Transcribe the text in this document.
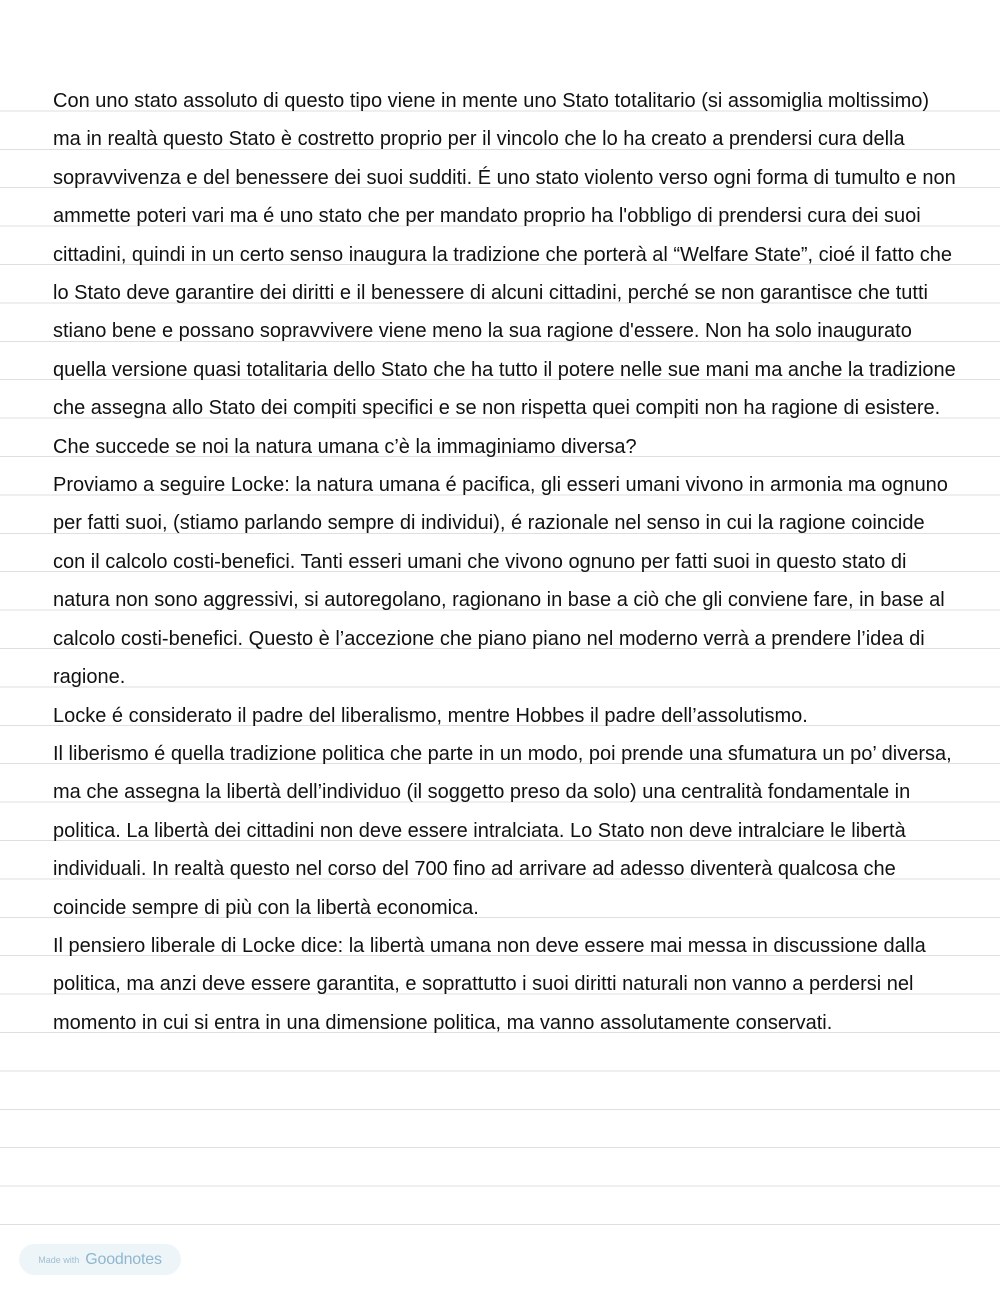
Con uno stato assoluto di questo tipo viene in mente uno Stato totalitario (si assomiglia moltissimo) ma in realtà questo Stato è costretto proprio per il vincolo che lo ha creato a prendersi cura della sopravvivenza e del benessere dei suoi sudditi. É uno stato violento verso ogni forma di tumulto e non ammette poteri vari ma é uno stato che per mandato proprio ha l'obbligo di prendersi cura dei suoi cittadini, quindi in un certo senso inaugura la tradizione che porterà al “Welfare State”, cioé il fatto che lo Stato deve garantire dei diritti e il benessere di alcuni cittadini, perché se non garantisce che tutti stiano bene e possano sopravvivere viene meno la sua ragione d'essere. Non ha solo inaugurato quella versione quasi totalitaria dello Stato che ha tutto il potere nelle sue mani ma anche la tradizione che assegna allo Stato dei compiti specifici e se non rispetta quei compiti non ha ragione di esistere.

Che succede se noi la natura umana c’è la immaginiamo diversa?

Proviamo a seguire Locke: la natura umana é pacifica, gli esseri umani vivono in armonia ma ognuno per fatti suoi, (stiamo parlando sempre di individui), é razionale nel senso in cui la ragione coincide con il calcolo costi-benefici. Tanti esseri umani che vivono ognuno per fatti suoi in questo stato di natura non sono aggressivi, si autoregolano, ragionano in base a ciò che gli conviene fare, in base al calcolo costi-benefici. Questo è l’accezione che piano piano nel moderno verrà a prendere l’idea di ragione.

Locke é considerato il padre del liberalismo, mentre Hobbes il padre dell’assolutismo.

Il liberismo é quella tradizione politica che parte in un modo, poi prende una sfumatura un po’ diversa, ma che assegna la libertà dell’individuo (il soggetto preso da solo) una centralità fondamentale in politica. La libertà dei cittadini non deve essere intralciata. Lo Stato non deve intralciare le libertà individuali. In realtà questo nel corso del 700 fino ad arrivare ad adesso diventerà qualcosa che coincide sempre di più con la libertà economica.

Il pensiero liberale di Locke dice: la libertà umana non deve essere mai messa in discussione dalla politica, ma anzi deve essere garantita, e soprattutto i suoi diritti naturali non vanno a perdersi nel momento in cui si entra in una dimensione politica, ma vanno assolutamente conservati.

Made with Goodnotes
